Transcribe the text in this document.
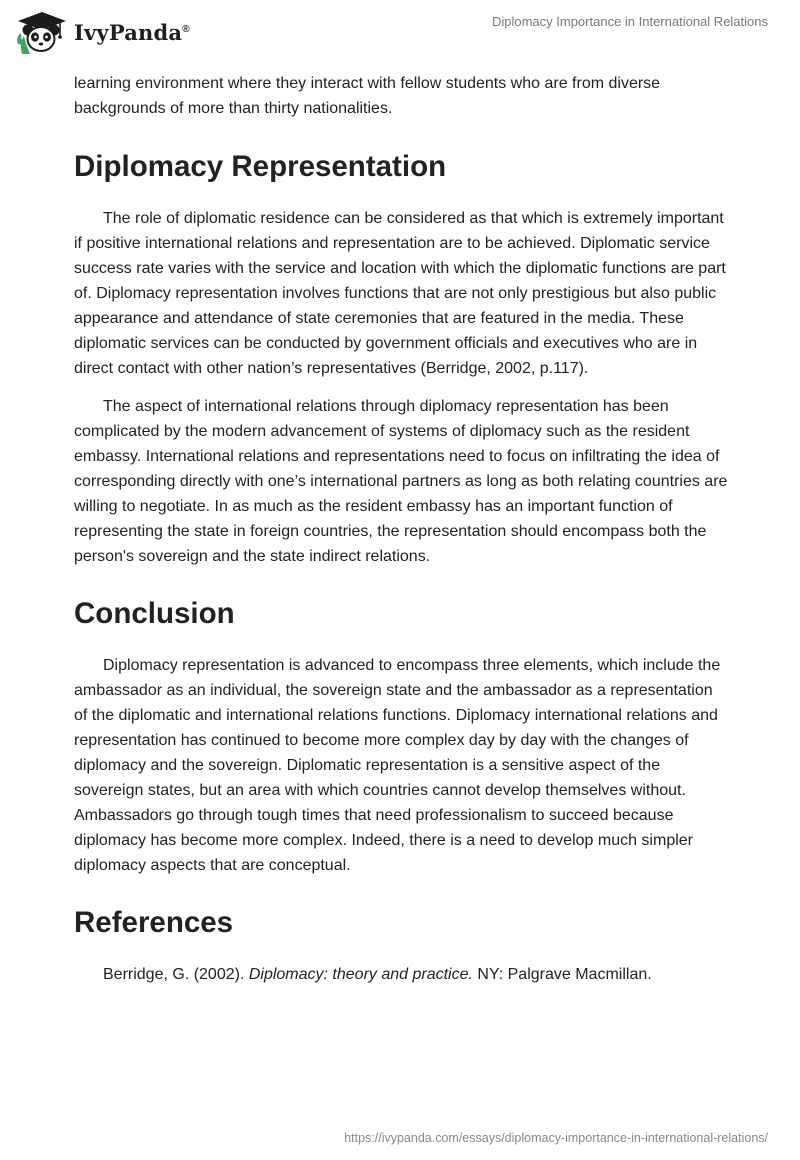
IvyPanda®	Diplomacy Importance in International Relations

learning environment where they interact with fellow students who are from diverse backgrounds of more than thirty nationalities.

Diplomacy Representation

The role of diplomatic residence can be considered as that which is extremely important if positive international relations and representation are to be achieved. Diplomatic service success rate varies with the service and location with which the diplomatic functions are part of. Diplomacy representation involves functions that are not only prestigious but also public appearance and attendance of state ceremonies that are featured in the media. These diplomatic services can be conducted by government officials and executives who are in direct contact with other nation’s representatives (Berridge, 2002, p.117).

The aspect of international relations through diplomacy representation has been complicated by the modern advancement of systems of diplomacy such as the resident embassy. International relations and representations need to focus on infiltrating the idea of corresponding directly with one’s international partners as long as both relating countries are willing to negotiate. In as much as the resident embassy has an important function of representing the state in foreign countries, the representation should encompass both the person's sovereign and the state indirect relations.

Conclusion

Diplomacy representation is advanced to encompass three elements, which include the ambassador as an individual, the sovereign state and the ambassador as a representation of the diplomatic and international relations functions. Diplomacy international relations and representation has continued to become more complex day by day with the changes of diplomacy and the sovereign. Diplomatic representation is a sensitive aspect of the sovereign states, but an area with which countries cannot develop themselves without. Ambassadors go through tough times that need professionalism to succeed because diplomacy has become more complex. Indeed, there is a need to develop much simpler diplomacy aspects that are conceptual.

References

Berridge, G. (2002). Diplomacy: theory and practice. NY: Palgrave Macmillan.

https://ivypanda.com/essays/diplomacy-importance-in-international-relations/
